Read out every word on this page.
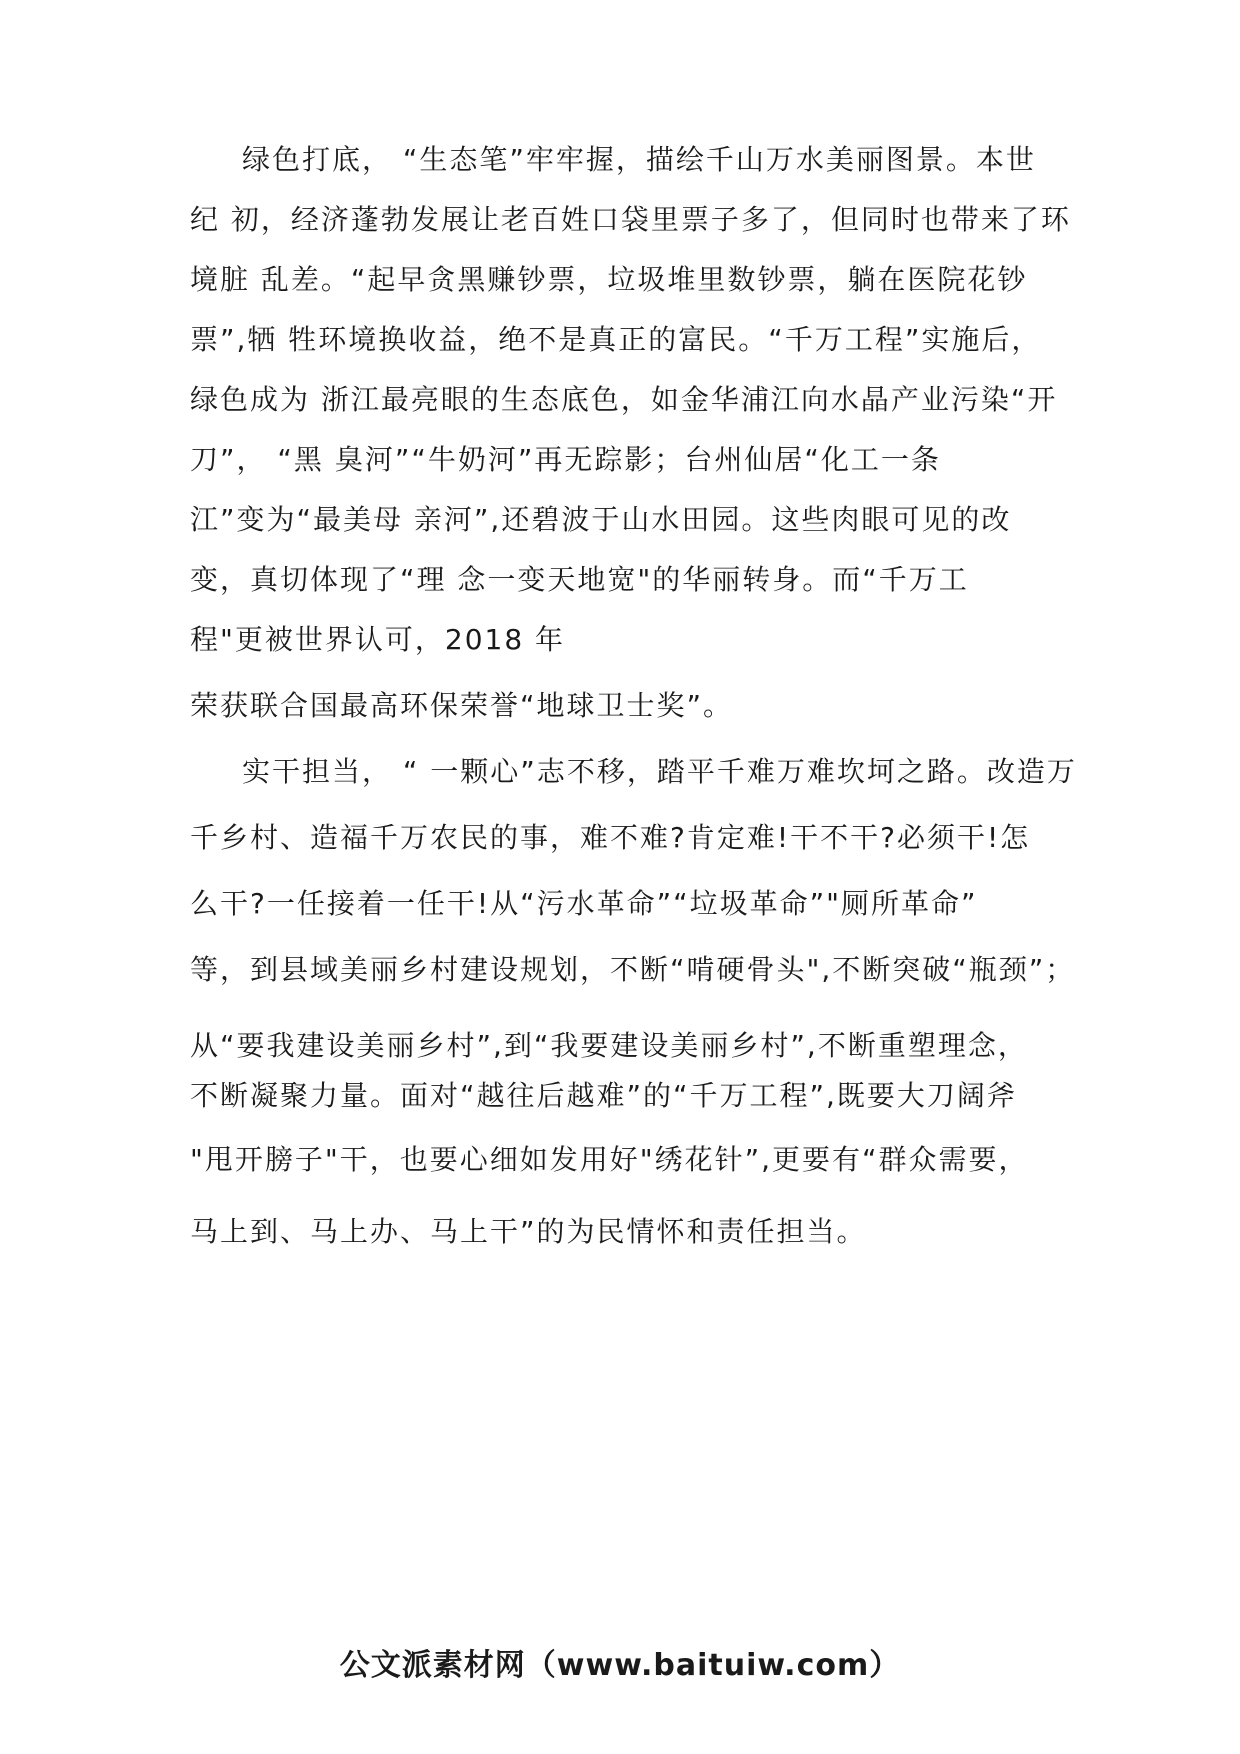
绿色打底， “生态笔”牢牢握，描绘千山万水美丽图景。本世
纪 初，经济蓬勃发展让老百姓口袋里票子多了，但同时也带来了环
境脏 乱差。“起早贪黑赚钞票，垃圾堆里数钞票，躺在医院花钞
票”,牺 牲环境换收益，绝不是真正的富民。“千万工程”实施后，
绿色成为 浙江最亮眼的生态底色，如金华浦江向水晶产业污染“开
刀”， “黑 臭河”“牛奶河”再无踪影；台州仙居“化工一条
江”变为“最美母 亲河”,还碧波于山水田园。这些肉眼可见的改
变，真切体现了“理 念一变天地宽"的华丽转身。而“千万工
程"更被世界认可，2018 年
荣获联合国最高环保荣誉“地球卫士奖”。
实干担当， “ 一颗心”志不移，踏平千难万难坎坷之路。改造万
千乡村、造福千万农民的事，难不难?肯定难!干不干?必须干!怎
么干?一任接着一任干!从“污水革命”“垃圾革命”"厕所革命”
等，到县域美丽乡村建设规划，不断“啃硬骨头",不断突破“瓶颈”；
从“要我建设美丽乡村”,到“我要建设美丽乡村”,不断重塑理念，
不断凝聚力量。面对“越往后越难”的“千万工程”,既要大刀阔斧
"甩开膀子"干，也要心细如发用好"绣花针”,更要有“群众需要，
马上到、马上办、马上干”的为民情怀和责任担当。
公文派素材网（www.baituiw.com）
